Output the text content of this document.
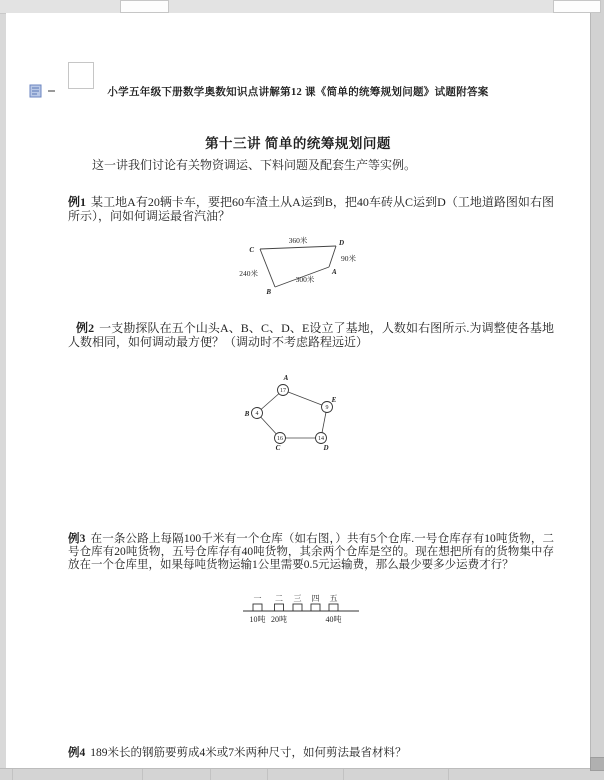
小学五年级下册数学奥数知识点讲解第12 课《简单的统筹规划问题》试题附答案
第十三讲 简单的统筹规划问题
这一讲我们讨论有关物资调运、下料问题及配套生产等实例。
例1 某工地A有20辆卡车，要把60车渣土从A运到B，把40车砖从C运到D（工地道路图如右图所示），问如何调运最省汽油？
360米
90米
300米
240米
C
D
A
B
例2 一支勘探队在五个山头A、B、C、D、E设立了基地，人数如右图所示.为调整使各基地人数相同，如何调动最方便？（调动时不考虑路程远近）
17
A
4
B
16
C
14
D
9
E
例3 在一条公路上每隔100千米有一个仓库（如右图，）共有5个仓库.一号仓库存有10吨货物，二号仓库有20吨货物，五号仓库存有40吨货物，其余两个仓库是空的。现在想把所有的货物集中存放在一个仓库里，如果每吨货物运输1公里需要0.5元运输费，那么最少要多少运费才行？
一 二 三 四 五
10吨 20吨	40吨
例4 189米长的钢筋要剪成4米或7米两种尺寸，如何剪法最省材料？
